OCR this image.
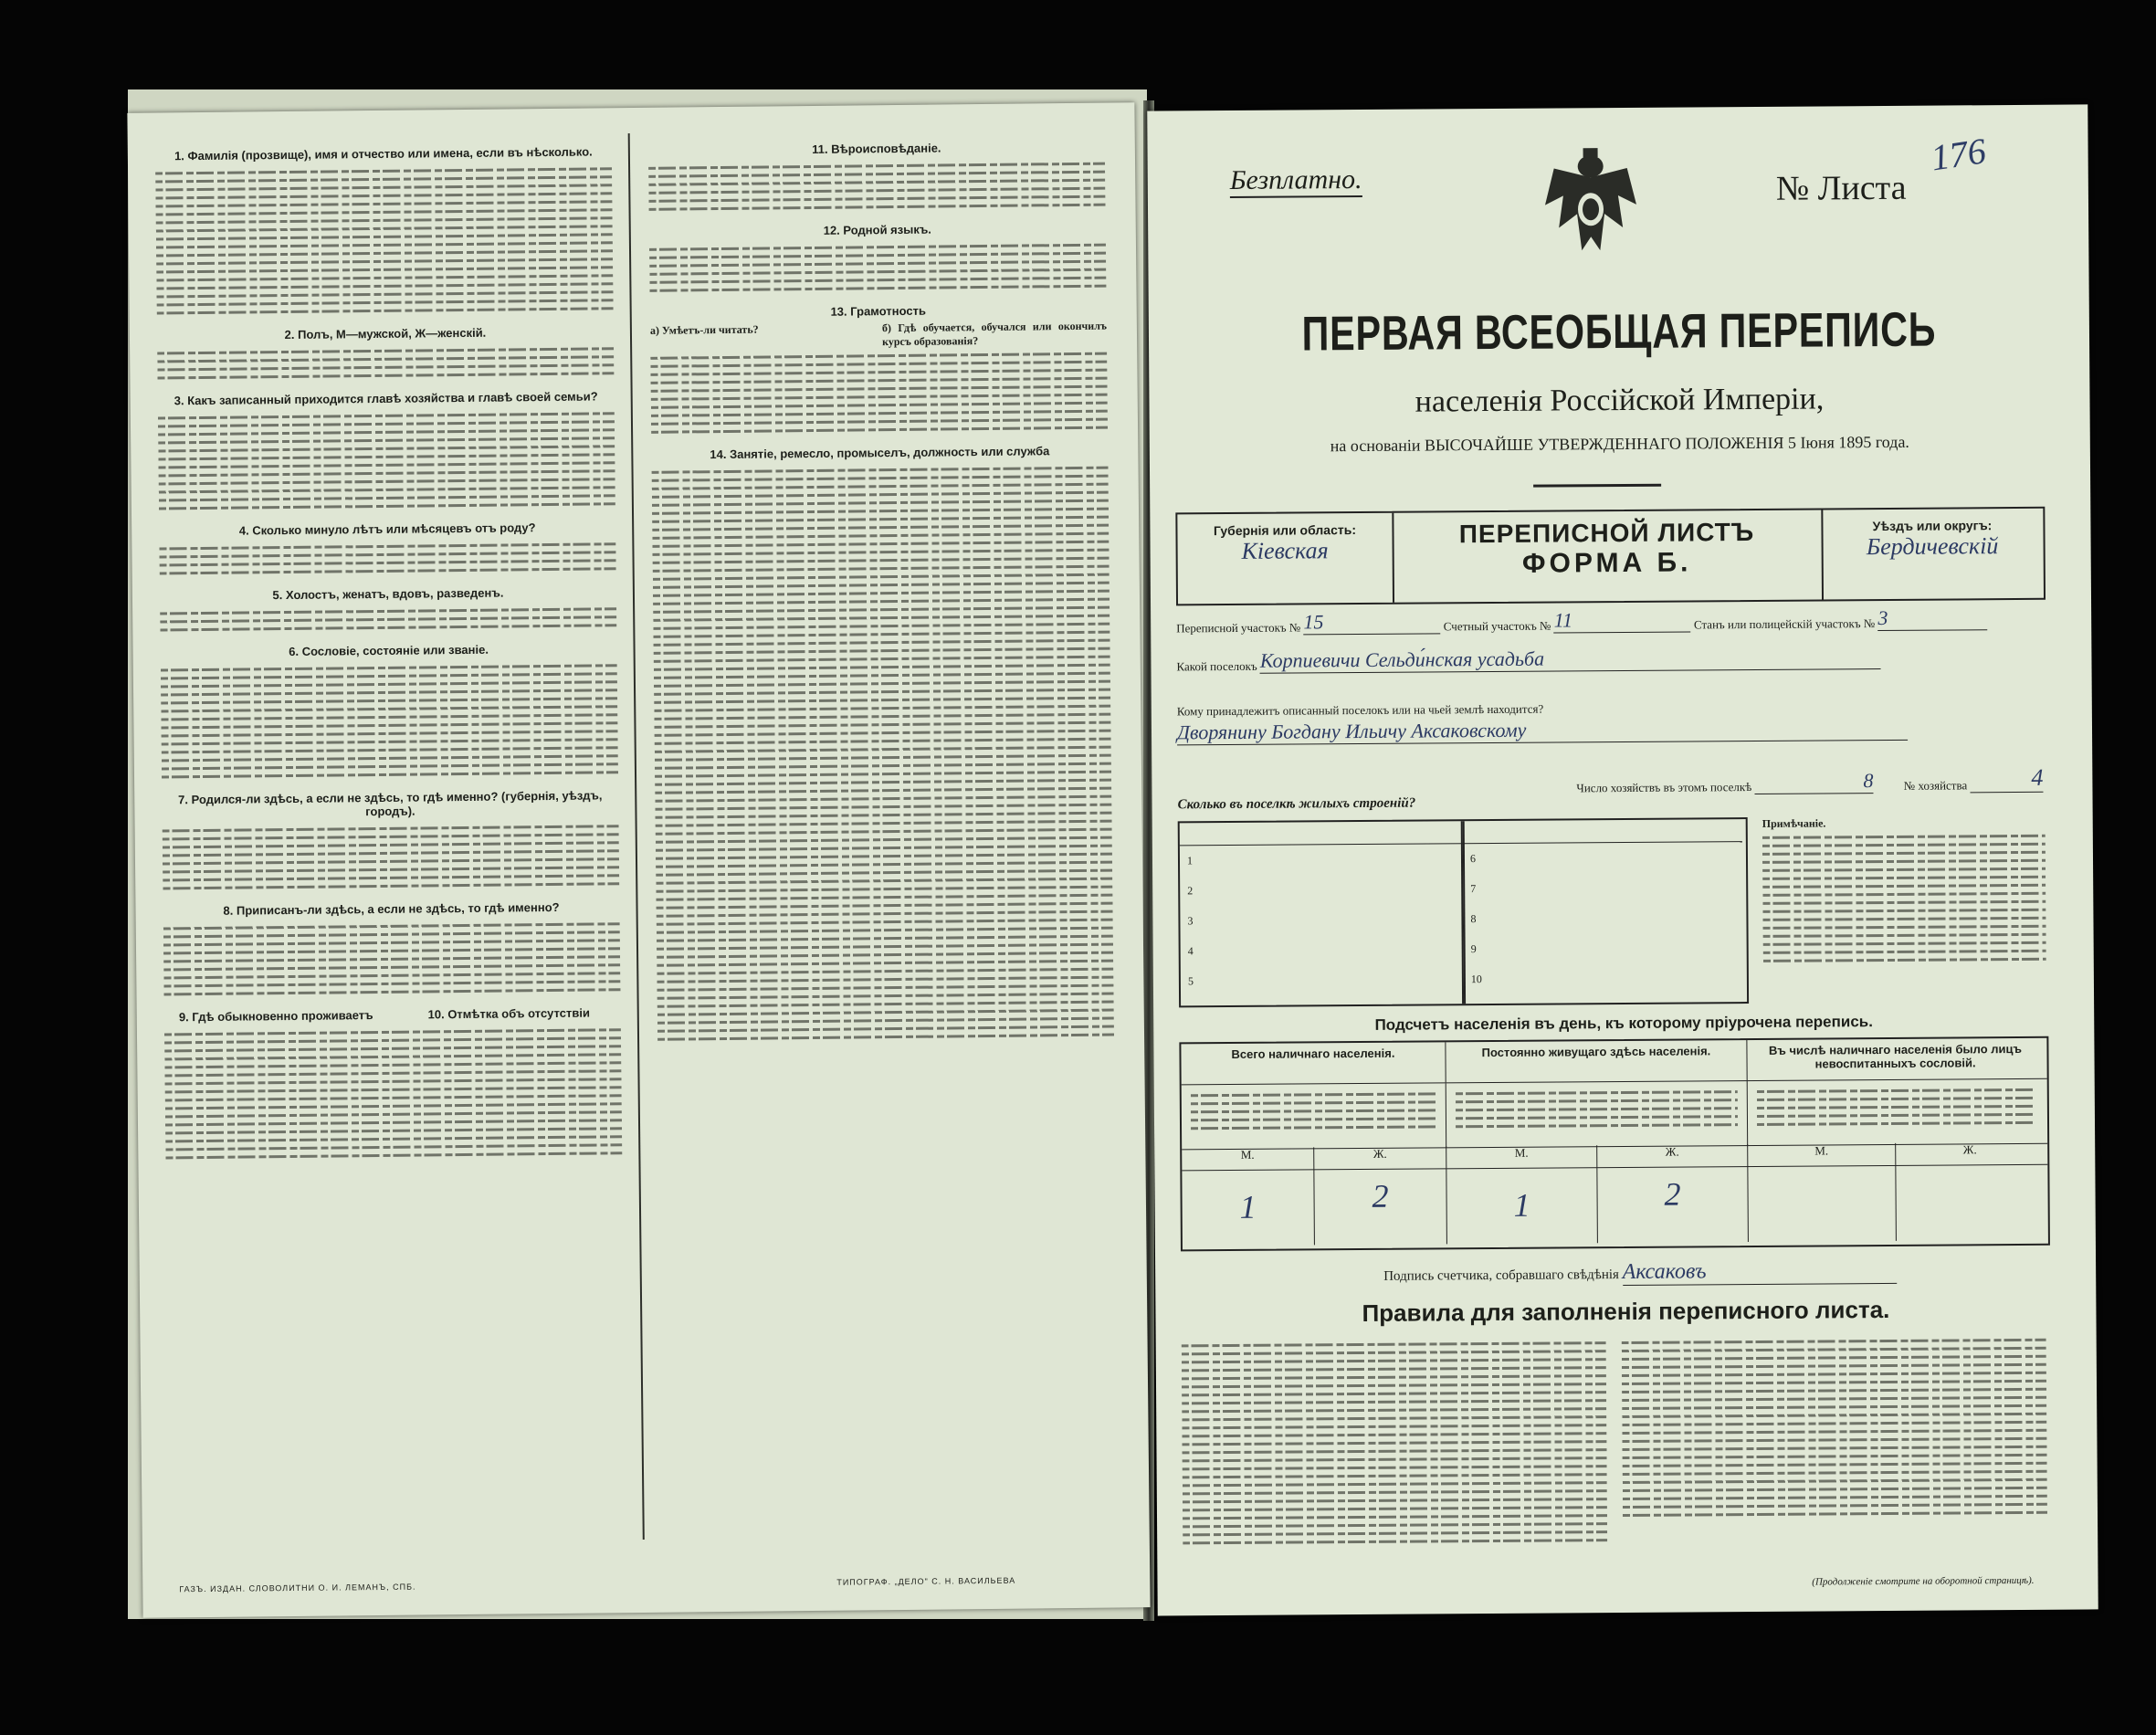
1. Фамилія (прозвище), имя и отчество или имена, если въ нѣсколько.
2. Полъ, М—мужской, Ж—женскій.
3. Какъ записанный приходится главѣ хозяйства и главѣ своей семьи?
4. Сколько минуло лѣтъ или мѣсяцевъ отъ роду?
5. Холостъ, женатъ, вдовъ, разведенъ.
6. Сословіе, состояніе или званіе.
7. Родился-ли здѣсь, а если не здѣсь, то гдѣ именно? (губернія, уѣздъ, городъ).
8. Приписанъ-ли здѣсь, а если не здѣсь, то гдѣ именно?
9. Гдѣ обыкновенно проживаетъ	10. Отмѣтка объ отсутствіи
11. Вѣроисповѣданіе.
12. Родной языкъ.
13. Грамотность
а) Умѣетъ-ли читать?	б) Гдѣ обучается, обучался или окончилъ курсъ образованія?
14. Занятіе, ремесло, промыселъ, должность или служба
ГАЗЪ. ИЗДАН. СЛОВОЛИТНИ О. И. ЛЕМАНЪ, СПБ.
ТИПОГРАФ. „ДЕЛО" С. Н. ВАСИЛЬЕВА
Безплатно.	№ Листа
176
ПЕРВАЯ ВСЕОБЩАЯ ПЕРЕПИСЬ
населенія Россійской Имперіи,
на основаніи ВЫСОЧАЙШЕ УТВЕРЖДЕННАГО ПОЛОЖЕНІЯ 5 Іюня 1895 года.
Губернія или область:
Кіевская
ПЕРЕПИСНОЙ ЛИСТЪ
ФОРМА Б.
Уѣздъ или округъ:
Бердичевскій
Переписной участокъ № 15	Счетный участокъ № 11	Станъ или полицейскій участокъ № 3
Какой поселокъ Корпиевичи Сельди́нская усадьба
Кому принадлежитъ описанный поселокъ или на чьей землѣ находится?
Дворянину Богдану Ильичу Аксаковскому
Число хозяйствъ въ этомъ поселкѣ	8	№ хозяйства	4
Сколько въ поселкѣ жилыхъ строеній?
1
2
3
4
5
6
7
8
9
10
Примѣчаніе.
Подсчетъ населенія въ день, къ которому пріурочена перепись.
Всего наличнаго населенія.	Постоянно живущаго здѣсь населенія.	Въ числѣ наличнаго населенія было лицъ невоспитанныхъ сословій.
М.	Ж.	М.	Ж.	М.	Ж.
1	2	1	2
Подпись счетчика, собравшаго свѣдѣнія Аксаковъ
Правила для заполненія переписного листа.
(Продолженіе смотрите на оборотной страницѣ).
